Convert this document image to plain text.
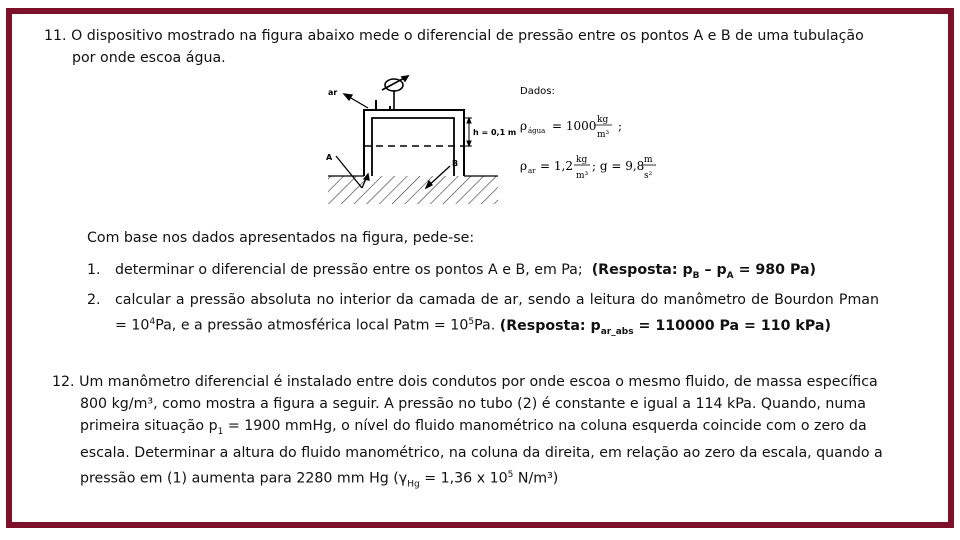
11. O dispositivo mostrado na figura abaixo mede o diferencial de pressão entre os pontos A e B de uma tubulação
por onde escoa água.
h = 0,1 m
ar
A
B
Dados:
ρ água = 1000 kg
m³
;
ρ ar = 1,2 kg
m³
; g = 9,8 m
s²
Com base nos dados apresentados na figura, pede-se:
1. determinar o diferencial de pressão entre os pontos A e B, em Pa; (Resposta: $p_B - p_A = 980$ Pa)
2. calcular a pressão absoluta no interior da camada de ar, sendo a leitura do manômetro de Bourdon Pman = $10^4Pa$, e a pressão atmosférica local Patm = $10^5Pa$. (Resposta: $p_{ar\_abs} = 110000$ Pa = 110 kPa)
12. Um manômetro diferencial é instalado entre dois condutos por onde escoa o mesmo fluido, de massa específica
800 kg/m³, como mostra a figura a seguir. A pressão no tubo (2) é constante e igual a 114 kPa. Quando, numa
primeira situação $p_1 = 1900$ mmHg, o nível do fluido manométrico na coluna esquerda coincide com o zero da
escala. Determinar a altura do fluido manométrico, na coluna da direita, em relação ao zero da escala, quando a
pressão em (1) aumenta para 2280 mm Hg ($\gamma_{Hg} = 1,36$ x $10^5$ N/m³)
